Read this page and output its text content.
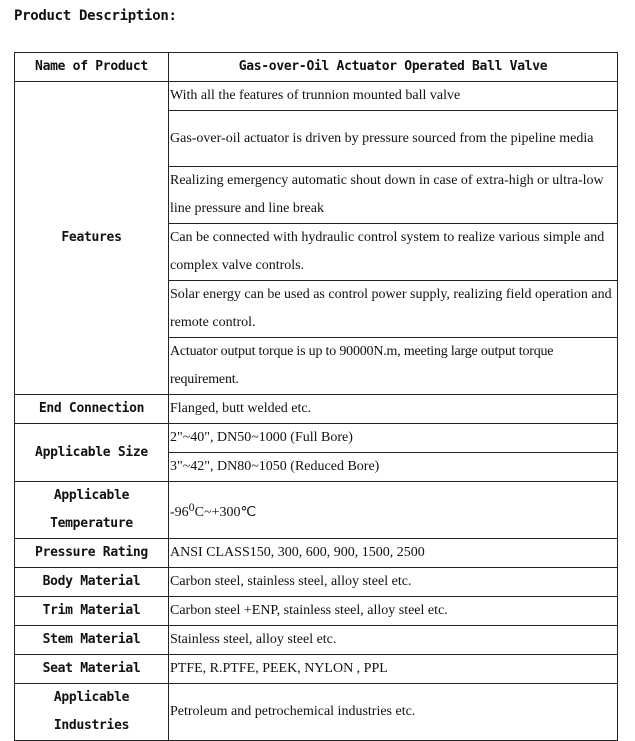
Product Description:
Name of Product	Gas-over-Oil Actuator Operated Ball Valve
Features	With all the features of trunnion mounted ball valve
	Gas-over-oil actuator is driven by pressure sourced from the pipeline media
	Realizing emergency automatic shout down in case of extra-high or ultra-low line pressure and line break
	Can be connected with hydraulic control system to realize various simple and complex valve controls.
	Solar energy can be used as control power supply, realizing field operation and remote control.
	Actuator output torque is up to 90000N.m, meeting large output torque requirement.
End Connection	Flanged, butt welded etc.
Applicable Size	2"~40", DN50~1000 (Full Bore)
	3"~42", DN80~1050 (Reduced Bore)
Applicable Temperature	-960C~+300℃
Pressure Rating	ANSI CLASS150, 300, 600, 900, 1500, 2500
Body Material	Carbon steel, stainless steel, alloy steel etc.
Trim Material	Carbon steel +ENP, stainless steel, alloy steel etc.
Stem Material	Stainless steel, alloy steel etc.
Seat Material	PTFE, R.PTFE, PEEK, NYLON , PPL
Applicable Industries	Petroleum and petrochemical industries etc.
